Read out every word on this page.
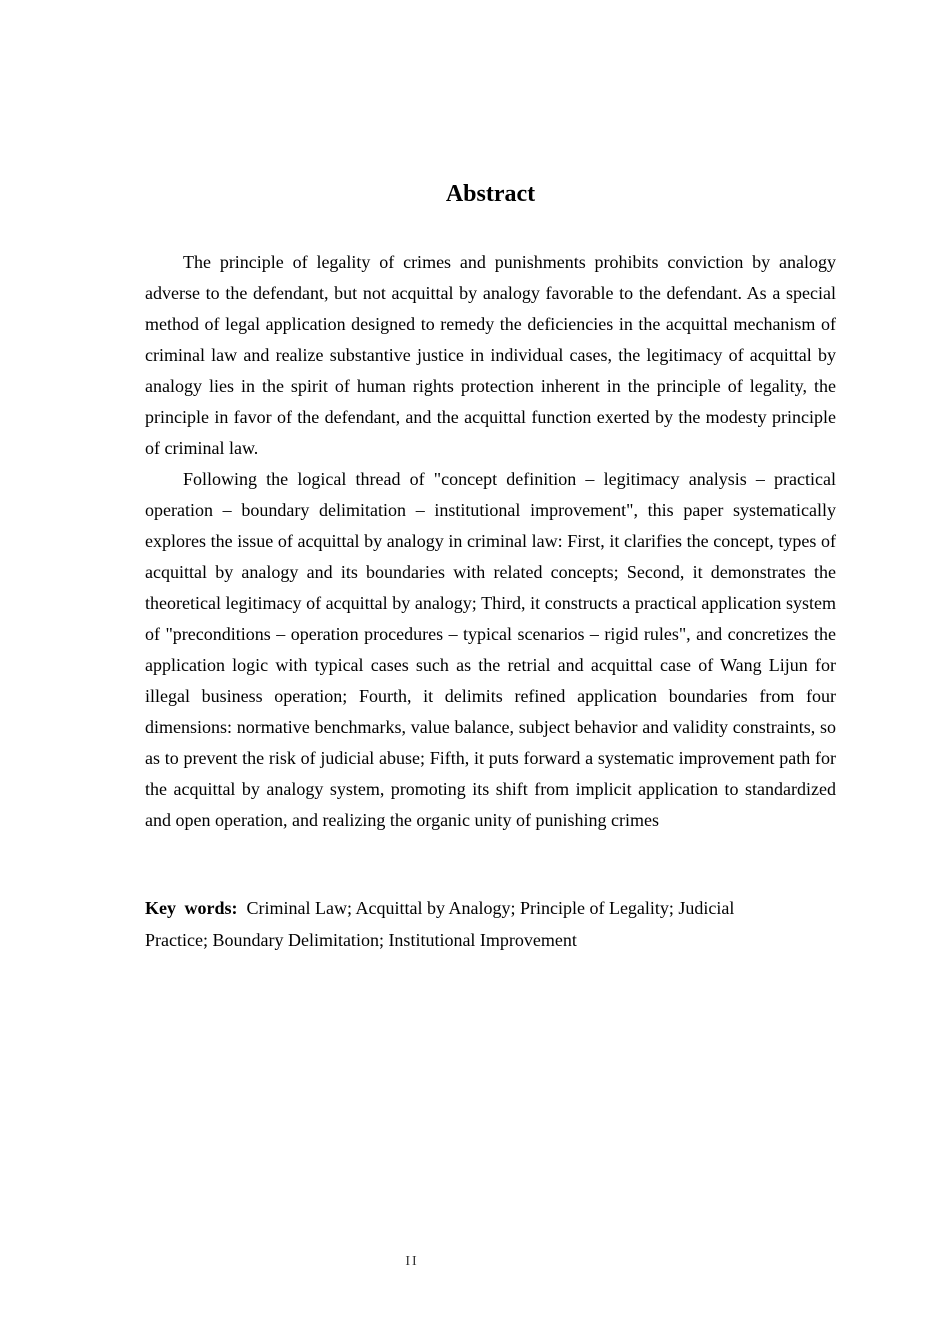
Abstract

The principle of legality of crimes and punishments prohibits conviction by analogy adverse to the defendant, but not acquittal by analogy favorable to the defendant. As a special method of legal application designed to remedy the deficiencies in the acquittal mechanism of criminal law and realize substantive justice in individual cases, the legitimacy of acquittal by analogy lies in the spirit of human rights protection inherent in the principle of legality, the principle in favor of the defendant, and the acquittal function exerted by the modesty principle of criminal law.

Following the logical thread of "concept definition – legitimacy analysis – practical operation – boundary delimitation – institutional improvement", this paper systematically explores the issue of acquittal by analogy in criminal law: First, it clarifies the concept, types of acquittal by analogy and its boundaries with related concepts; Second, it demonstrates the theoretical legitimacy of acquittal by analogy; Third, it constructs a practical application system of "preconditions – operation procedures – typical scenarios – rigid rules", and concretizes the application logic with typical cases such as the retrial and acquittal case of Wang Lijun for illegal business operation; Fourth, it delimits refined application boundaries from four dimensions: normative benchmarks, value balance, subject behavior and validity constraints, so as to prevent the risk of judicial abuse; Fifth, it puts forward a systematic improvement path for the acquittal by analogy system, promoting its shift from implicit application to standardized and open operation, and realizing the organic unity of punishing crimes

Key words: Criminal Law; Acquittal by Analogy; Principle of Legality; Judicial Practice; Boundary Delimitation; Institutional Improvement
II
